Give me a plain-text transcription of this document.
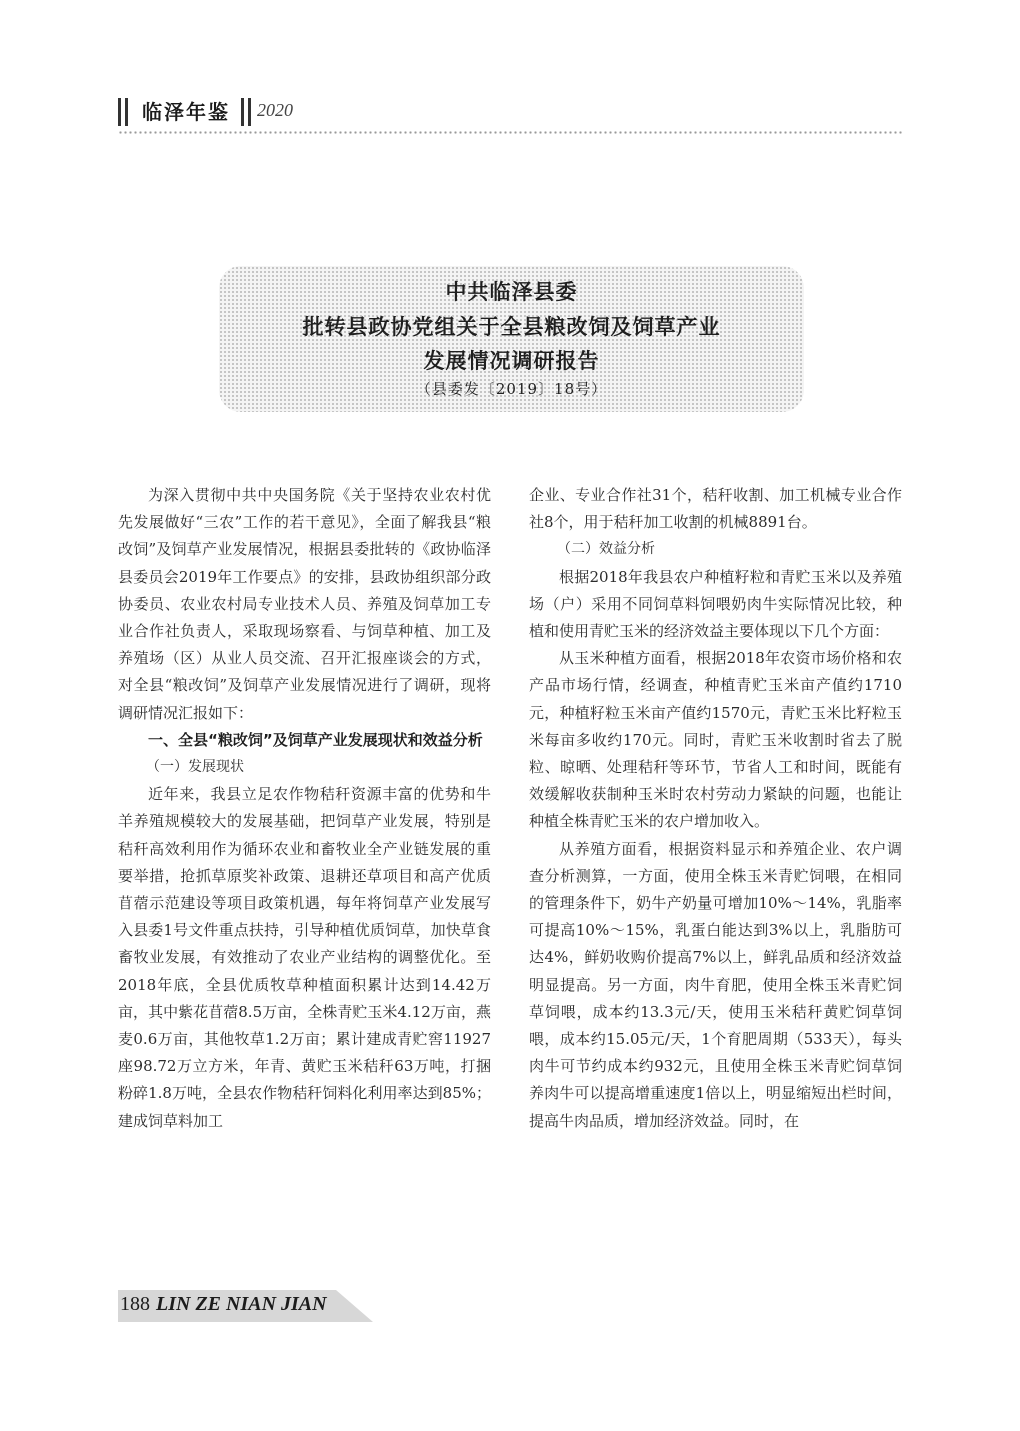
临泽年鉴	2020
中共临泽县委
批转县政协党组关于全县粮改饲及饲草产业
发展情况调研报告
（县委发〔2019〕18号）

为深入贯彻中共中央国务院《关于坚持农业农村优先发展做好“三农”工作的若干意见》，全面了解我县“粮改饲”及饲草产业发展情况，根据县委批转的《政协临泽县委员会2019年工作要点》的安排，县政协组织部分政协委员、农业农村局专业技术人员、养殖及饲草加工专业合作社负责人，采取现场察看、与饲草种植、加工及养殖场（区）从业人员交流、召开汇报座谈会的方式，对全县“粮改饲”及饲草产业发展情况进行了调研，现将调研情况汇报如下：

一、全县“粮改饲”及饲草产业发展现状和效益分析

（一）发展现状

近年来，我县立足农作物秸秆资源丰富的优势和牛羊养殖规模较大的发展基础，把饲草产业发展，特别是秸秆高效利用作为循环农业和畜牧业全产业链发展的重要举措，抢抓草原奖补政策、退耕还草项目和高产优质苜蓿示范建设等项目政策机遇，每年将饲草产业发展写入县委1号文件重点扶持，引导种植优质饲草，加快草食畜牧业发展，有效推动了农业产业结构的调整优化。至2018年底，全县优质牧草种植面积累计达到14.42万亩，其中紫花苜蓿8.5万亩，全株青贮玉米4.12万亩，燕麦0.6万亩，其他牧草1.2万亩；累计建成青贮窖11927座98.72万立方米，年青、黄贮玉米秸秆63万吨，打捆粉碎1.8万吨，全县农作物秸秆饲料化利用率达到85%；建成饲草料加工

企业、专业合作社31个，秸秆收割、加工机械专业合作社8个，用于秸秆加工收割的机械8891台。

（二）效益分析

根据2018年我县农户种植籽粒和青贮玉米以及养殖场（户）采用不同饲草料饲喂奶肉牛实际情况比较，种植和使用青贮玉米的经济效益主要体现以下几个方面：

从玉米种植方面看，根据2018年农资市场价格和农产品市场行情，经调查，种植青贮玉米亩产值约1710元，种植籽粒玉米亩产值约1570元，青贮玉米比籽粒玉米每亩多收约170元。同时，青贮玉米收割时省去了脱粒、晾晒、处理秸秆等环节，节省人工和时间，既能有效缓解收获制种玉米时农村劳动力紧缺的问题，也能让种植全株青贮玉米的农户增加收入。

从养殖方面看，根据资料显示和养殖企业、农户调查分析测算，一方面，使用全株玉米青贮饲喂，在相同的管理条件下，奶牛产奶量可增加10%～14%，乳脂率可提高10%～15%，乳蛋白能达到3%以上，乳脂肪可达4%，鲜奶收购价提高7%以上，鲜乳品质和经济效益明显提高。另一方面，肉牛育肥，使用全株玉米青贮饲草饲喂，成本约13.3元/天，使用玉米秸秆黄贮饲草饲喂，成本约15.05元/天，1个育肥周期（533天），每头肉牛可节约成本约932元，且使用全株玉米青贮饲草饲养肉牛可以提高增重速度1倍以上，明显缩短出栏时间，提高牛肉品质，增加经济效益。同时，在

188 LIN ZE NIAN JIAN
